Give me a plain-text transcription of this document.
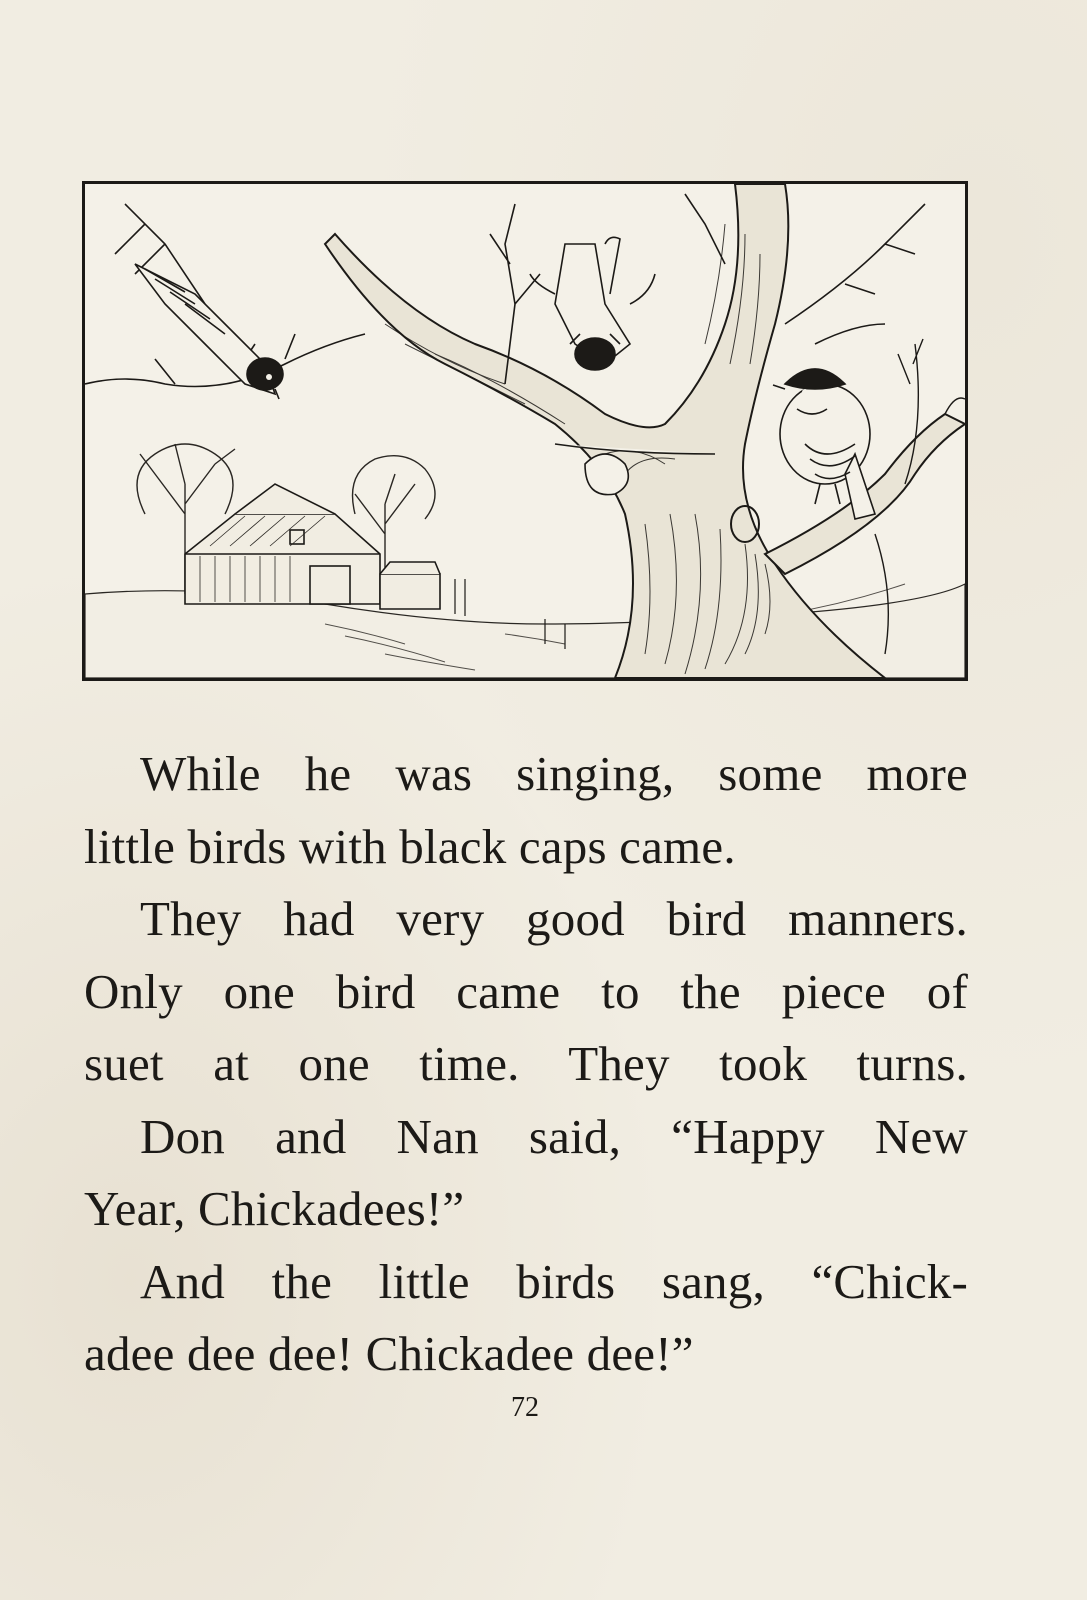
While he was singing, some more
little birds with black caps came.
They had very good bird manners.
Only one bird came to the piece of
suet at one time. They took turns.
Don and Nan said, “Happy New
Year, Chickadees!”
And the little birds sang, “Chick-
adee dee dee! Chickadee dee!”
72
